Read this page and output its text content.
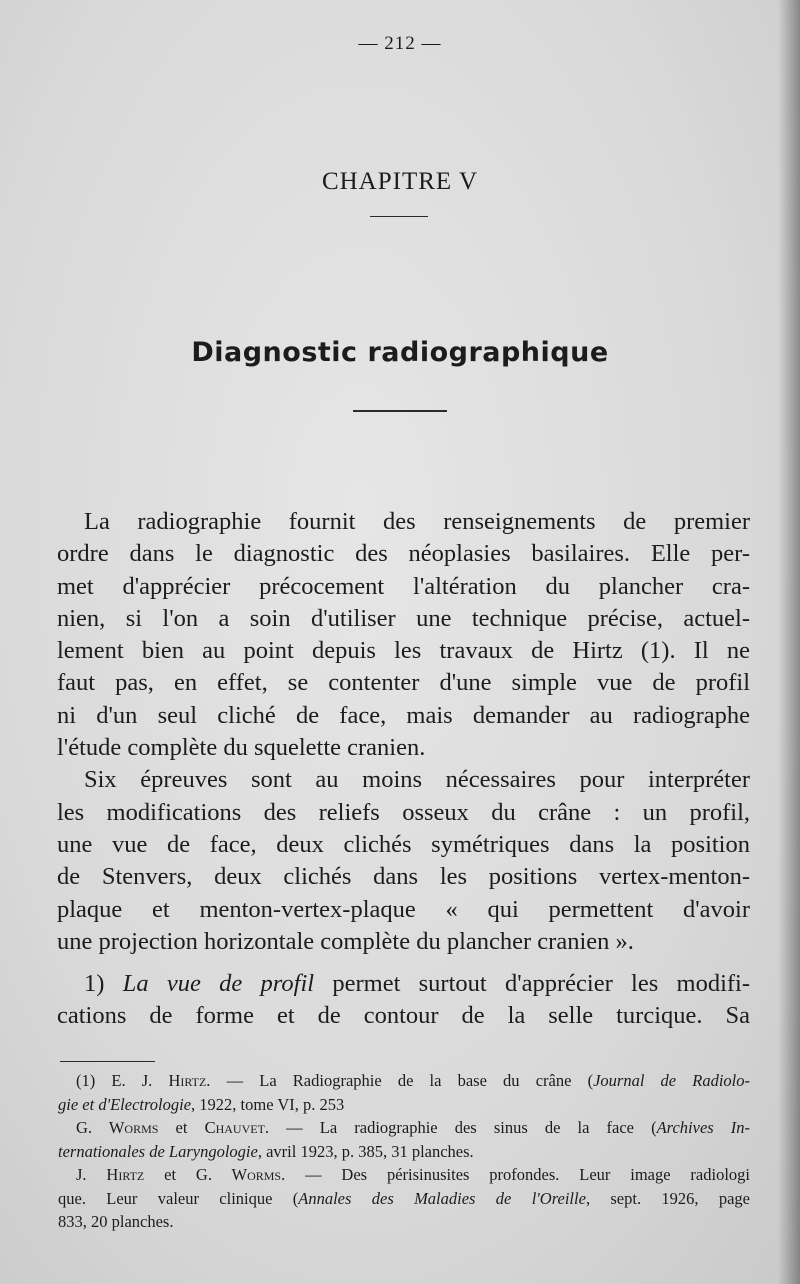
— 212 —
CHAPITRE V
Diagnostic radiographique
La radiographie fournit des renseignements de premier
ordre dans le diagnostic des néoplasies basilaires. Elle per-
met d'apprécier précocement l'altération du plancher cra-
nien, si l'on a soin d'utiliser une technique précise, actuel-
lement bien au point depuis les travaux de Hirtz (1). Il ne
faut pas, en effet, se contenter d'une simple vue de profil
ni d'un seul cliché de face, mais demander au radiographe
l'étude complète du squelette cranien.
Six épreuves sont au moins nécessaires pour interpréter
les modifications des reliefs osseux du crâne : un profil,
une vue de face, deux clichés symétriques dans la position
de Stenvers, deux clichés dans les positions vertex-menton-
plaque et menton-vertex-plaque « qui permettent d'avoir
une projection horizontale complète du plancher cranien ».
1) La vue de profil permet surtout d'apprécier les modifi-
cations de forme et de contour de la selle turcique. Sa
(1) E. J. Hirtz. — La Radiographie de la base du crâne (Journal de Radiolo-
gie et d'Electrologie, 1922, tome VI, p. 253
G. Worms et Chauvet. — La radiographie des sinus de la face (Archives In-
ternationales de Laryngologie, avril 1923, p. 385, 31 planches.
J. Hirtz et G. Worms. — Des périsinusites profondes. Leur image radiologi
que. Leur valeur clinique (Annales des Maladies de l'Oreille, sept. 1926, page
833, 20 planches.
